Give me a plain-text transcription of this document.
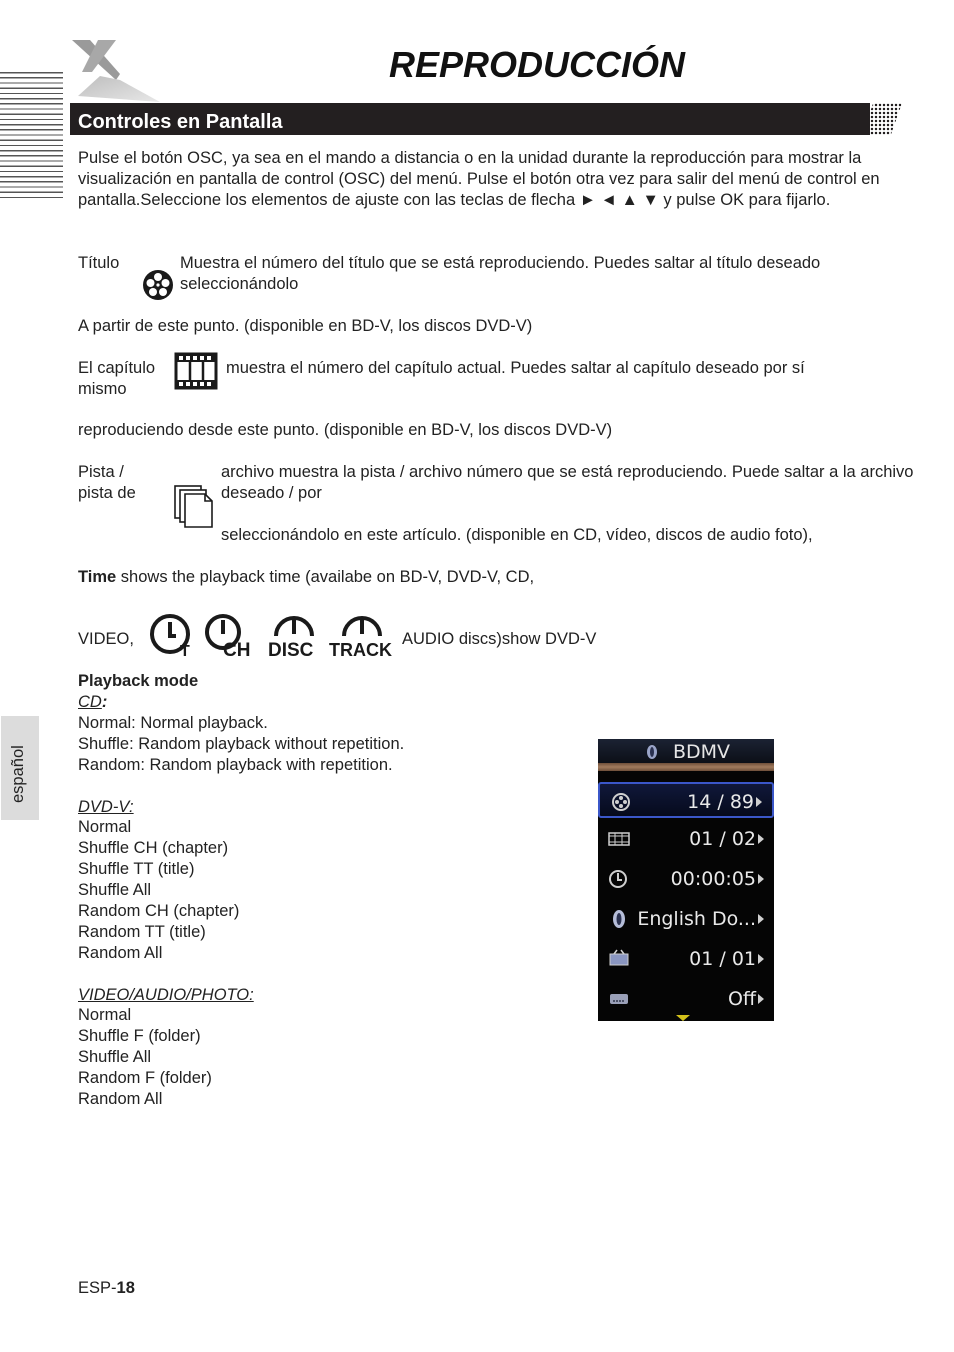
REPRODUCCIÓN
Controles en Pantalla

Pulse el botón OSC, ya sea en el mando a distancia o en la unidad durante la reproducción para mostrar la visualización en pantalla de control (OSC) del menú. Pulse el botón otra vez para salir del menú de control en pantalla.Seleccione los elementos de ajuste con las teclas de flecha ► ◄ ▲ ▼ y pulse OK para fijarlo.

Título	Muestra el número del título que se está reproduciendo. Puedes saltar al título deseado seleccionándolo

A partir de este punto. (disponible en BD-V, los discos DVD-V)

El capítulo	muestra el número del capítulo actual. Puedes saltar al capítulo deseado por sí
mismo

reproduciendo desde este punto. (disponible en BD-V, los discos DVD-V)

Pista /
pista de

archivo muestra la pista / archivo número que se está reproduciendo. Puede saltar a la archivo deseado / por

seleccionándolo en este artículo. (disponible en CD, vídeo, discos de audio foto),

Time shows the playback time (availabe on BD-V, DVD-V, CD,

VIDEO,
T CH DISC TRACK
AUDIO discs)show DVD-V

Playback mode

CD:

Normal: Normal playback.

Shuffle: Random playback without repetition.

Random: Random playback with repetition.

DVD-V:

Normal

Shuffle CH (chapter)

Shuffle TT (title)

Shuffle All

Random CH (chapter)

Random TT (title)

Random All

VIDEO/AUDIO/PHOTO:

Normal

Shuffle F (folder)

Shuffle All

Random F (folder)

Random All

español	BDMV
14 / 89
01 / 02
00:00:05
English Do...
01 / 01
Off

ESP-18
